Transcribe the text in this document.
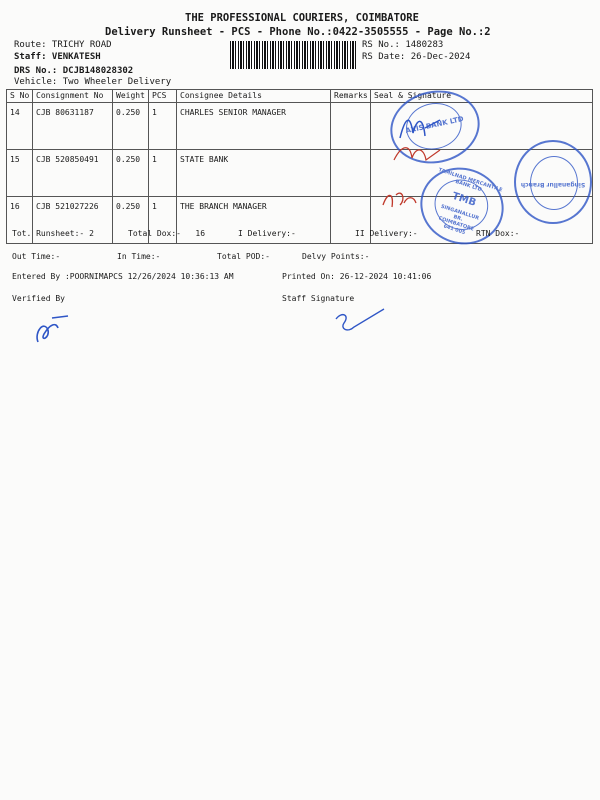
THE PROFESSIONAL COURIERS, COIMBATORE
Delivery Runsheet - PCS - Phone No.:0422-3505555 - Page No.:2
Route: TRICHY ROAD
Staff: VENKATESH
DRS No.: DCJB148028302
Vehicle: Two Wheeler Delivery
RS No.: 1480283
RS Date: 26-Dec-2024
S No	Consignment No	Weight	PCS	Consignee Details	Remarks	Seal & Signature
14	CJB 80631187	0.250	1	CHARLES SENIOR MANAGER		
15	CJB 520850491	0.250	1	STATE BANK		
16	CJB 521027226	0.250	1	THE BRANCH MANAGER		
AXIS BANK LTD
TAMILNAD MERCANTILE BANK LTD
TMB
SINGANALLUR BR. COIMBATORE 641 005
Singanallur Branch
Tot. Runsheet:- 2	Total Dox:-   16	I Delivery:-	II Delivery:-	RTN Dox:-
Out Time:-	In Time:-	Total POD:-	Delvy Points:-
Entered By :POORNIMAPCS 12/26/2024 10:36:13 AM	Printed On: 26-12-2024 10:41:06
Verified By	Staff Signature
